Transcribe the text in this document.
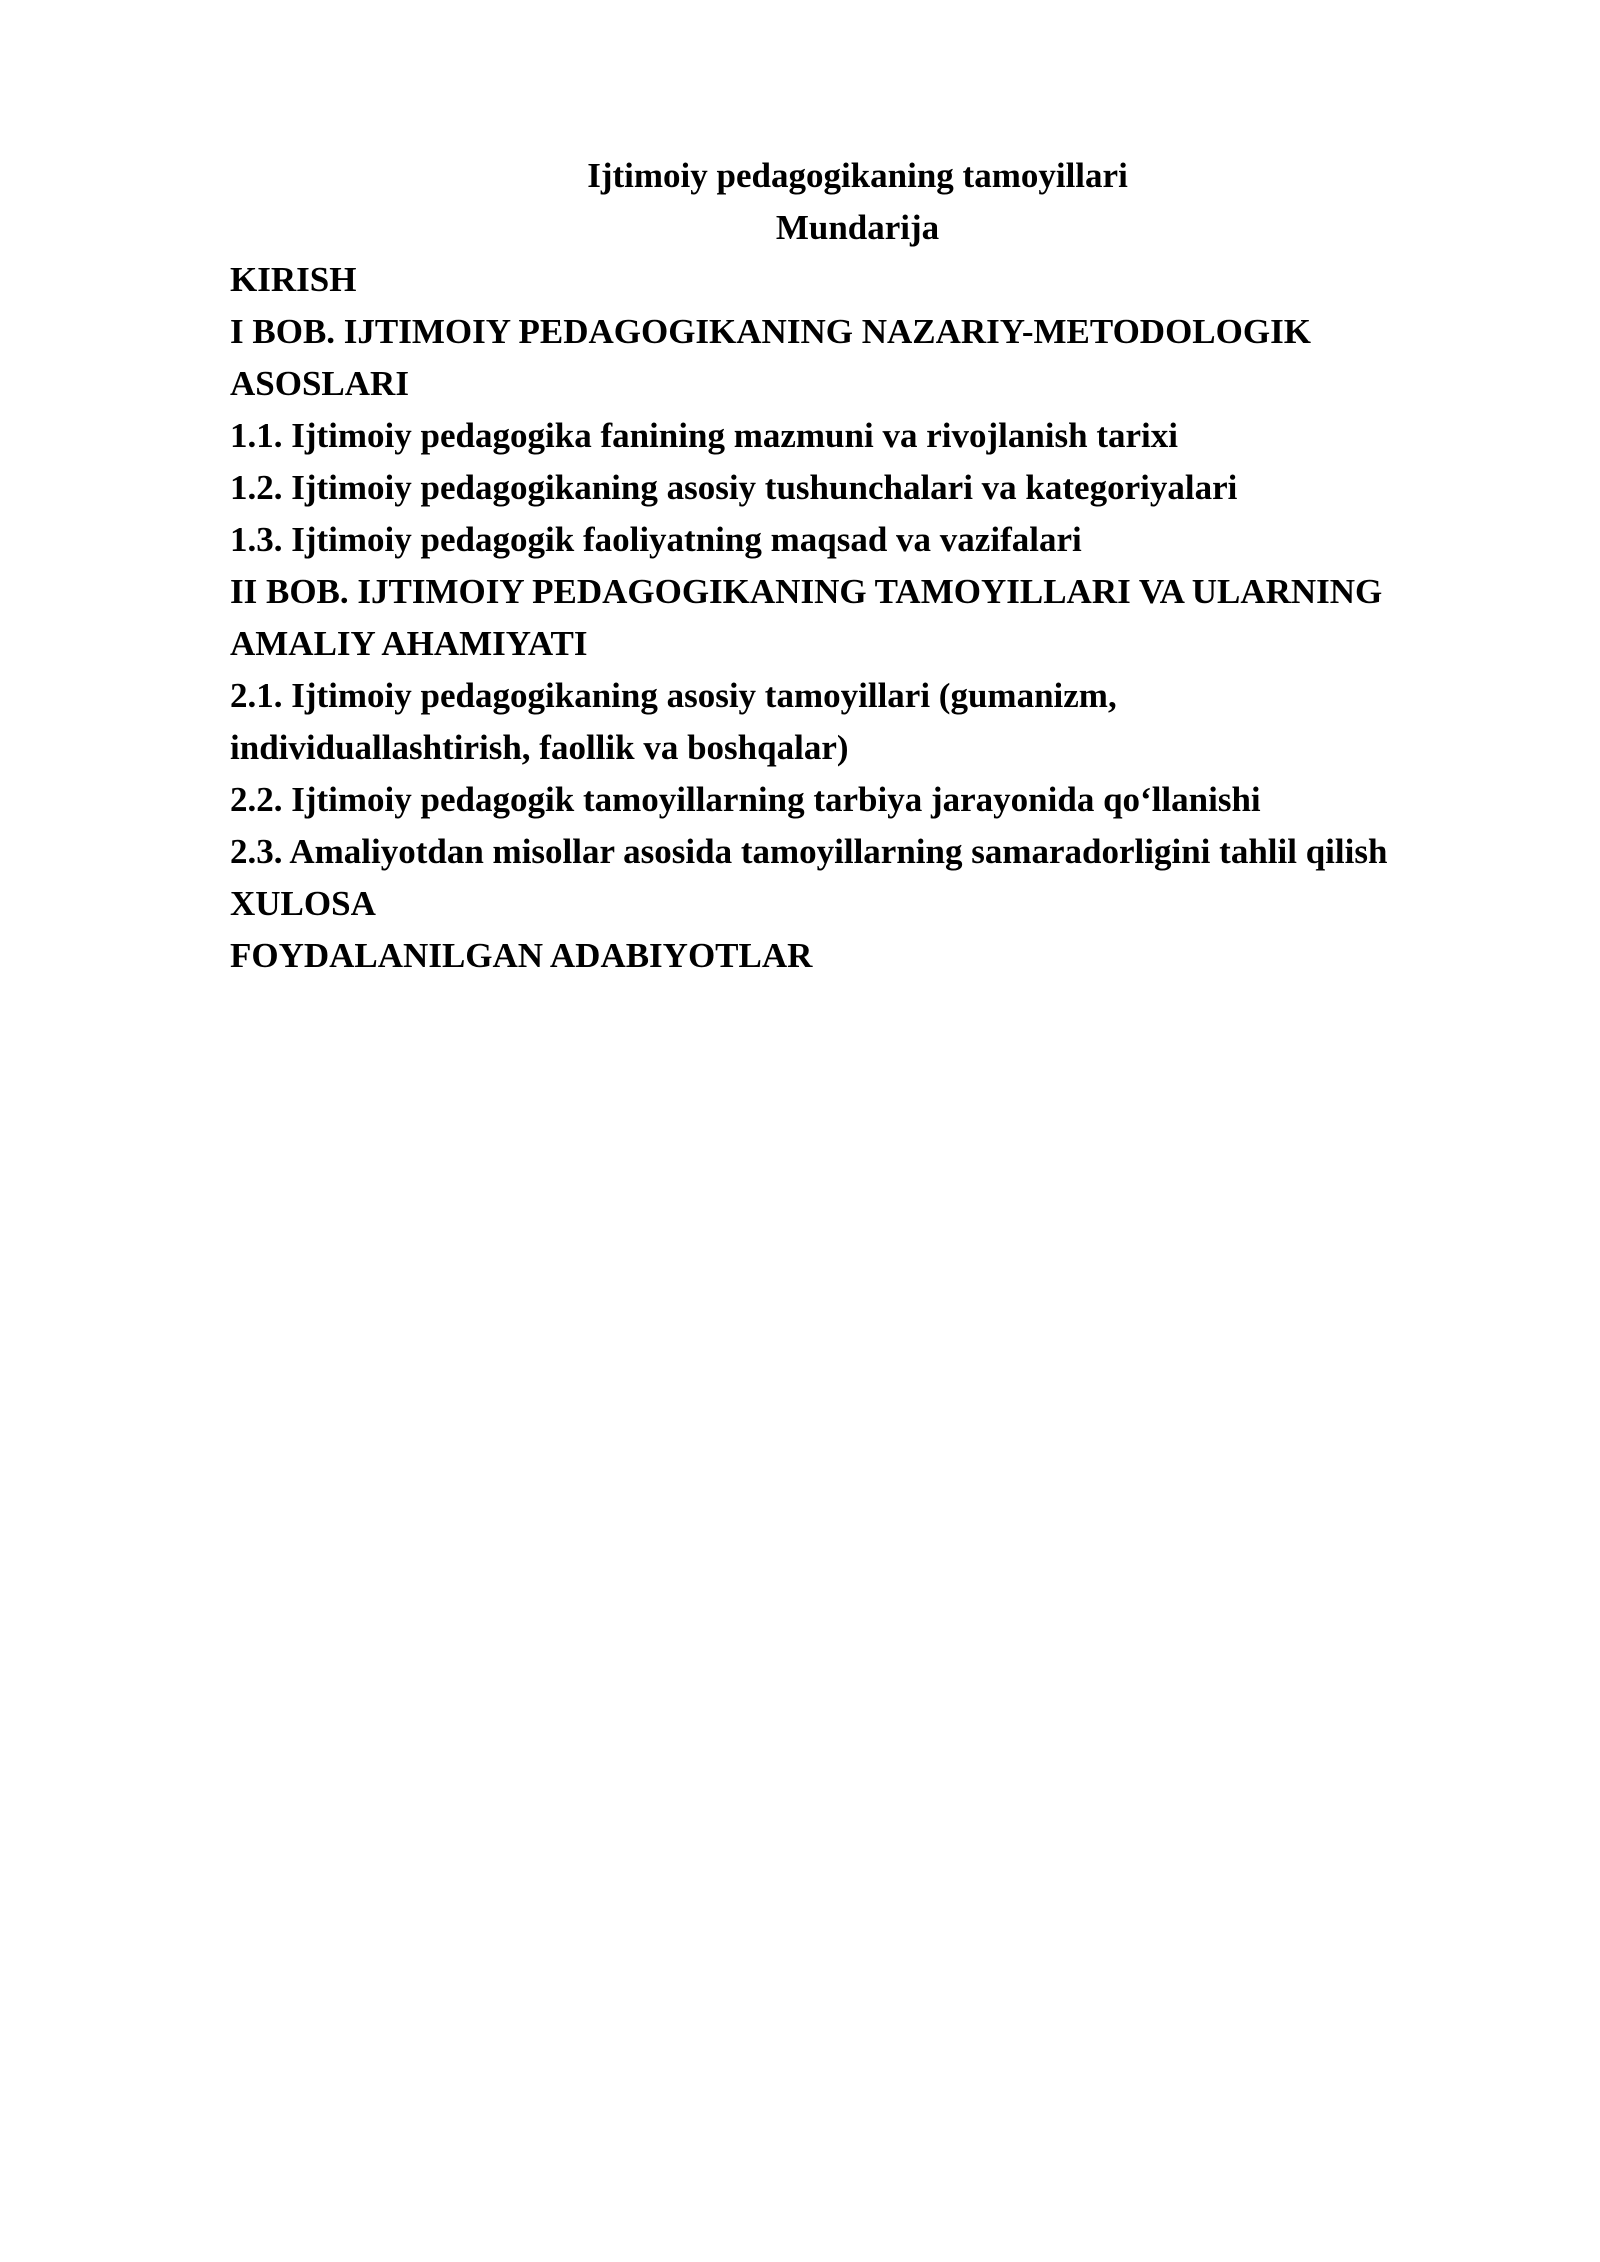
Ijtimoiy pedagogikaning tamoyillari
Mundarija
KIRISH
I BOB. IJTIMOIY PEDAGOGIKANING NAZARIY-METODOLOGIK
ASOSLARI
1.1. Ijtimoiy pedagogika fanining mazmuni va rivojlanish tarixi
1.2. Ijtimoiy pedagogikaning asosiy tushunchalari va kategoriyalari
1.3. Ijtimoiy pedagogik faoliyatning maqsad va vazifalari
II BOB. IJTIMOIY PEDAGOGIKANING TAMOYILLARI VA ULARNING
AMALIY AHAMIYATI
2.1. Ijtimoiy pedagogikaning asosiy tamoyillari (gumanizm,
individuallashtirish, faollik va boshqalar)
2.2. Ijtimoiy pedagogik tamoyillarning tarbiya jarayonida qo‘llanishi
2.3. Amaliyotdan misollar asosida tamoyillarning samaradorligini tahlil qilish
XULOSA
FOYDALANILGAN ADABIYOTLAR
